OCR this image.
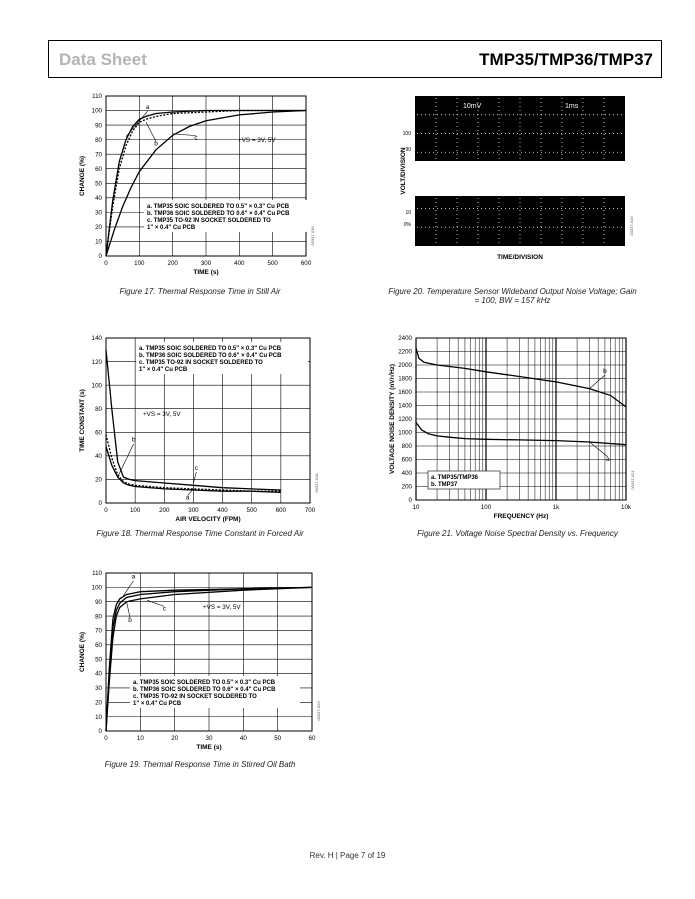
Data Sheet	TMP35/TMP36/TMP37
0
10
20
30
40
50
60
70
80
90
100
110
0	100	200	300	400	500	600
a
b
c
TIME (s)
CHANGE (%)
00337-016
a. TMP35 SOIC SOLDERED TO 0.5" × 0.3" Cu PCB
b. TMP36 SOIC SOLDERED TO 0.6" × 0.4" Cu PCB
c. TMP35 TO-92 IN SOCKET SOLDERED TO
1" × 0.4" Cu PCB
+VS = 3V, 5V
Figure 17. Thermal Response Time in Still Air
10mV	1ms
100
90
10
0%
TIME/DIVISION
VOLT/DIVISION
00337-019
Figure 20. Temperature Sensor Wideband Output Noise Voltage; Gain = 100, BW = 157 kHz
0
20
40
60
80
100
120
140
0	100	200	300	400	500	600	700
a
b
c
AIR VELOCITY (FPM)
TIME CONSTANT (s)
00337-018
a. TMP35 SOIC SOLDERED TO 0.5" × 0.3" Cu PCB
b. TMP36 SOIC SOLDERED TO 0.6" × 0.4" Cu PCB
c. TMP35 TO-92 IN SOCKET SOLDERED TO
1" × 0.4" Cu PCB
+VS = 3V, 5V
Figure 18. Thermal Response Time Constant in Forced Air
0
200
400
600
800
1000
1200
1400
1600
1800
2000
2200
2400
10	100	1k	10k
a
b
FREQUENCY (Hz)
VOLTAGE NOISE DENSITY (nV/√Hz)
00337-021
a. TMP35/TMP36
b. TMP37
Figure 21. Voltage Noise Spectral Density vs. Frequency
0
10
20
30
40
50
60
70
80
90
100
110
0	10	20	30	40	50	60
a
b
c
TIME (s)
CHANGE (%)
00337-020
a. TMP35 SOIC SOLDERED TO 0.5" × 0.3" Cu PCB
b. TMP36 SOIC SOLDERED TO 0.6" × 0.4" Cu PCB
c. TMP35 TO-92 IN SOCKET SOLDERED TO
1" × 0.4" Cu PCB
+VS = 3V, 5V
Figure 19. Thermal Response Time in Stirred Oil Bath
Rev. H | Page 7 of 19
